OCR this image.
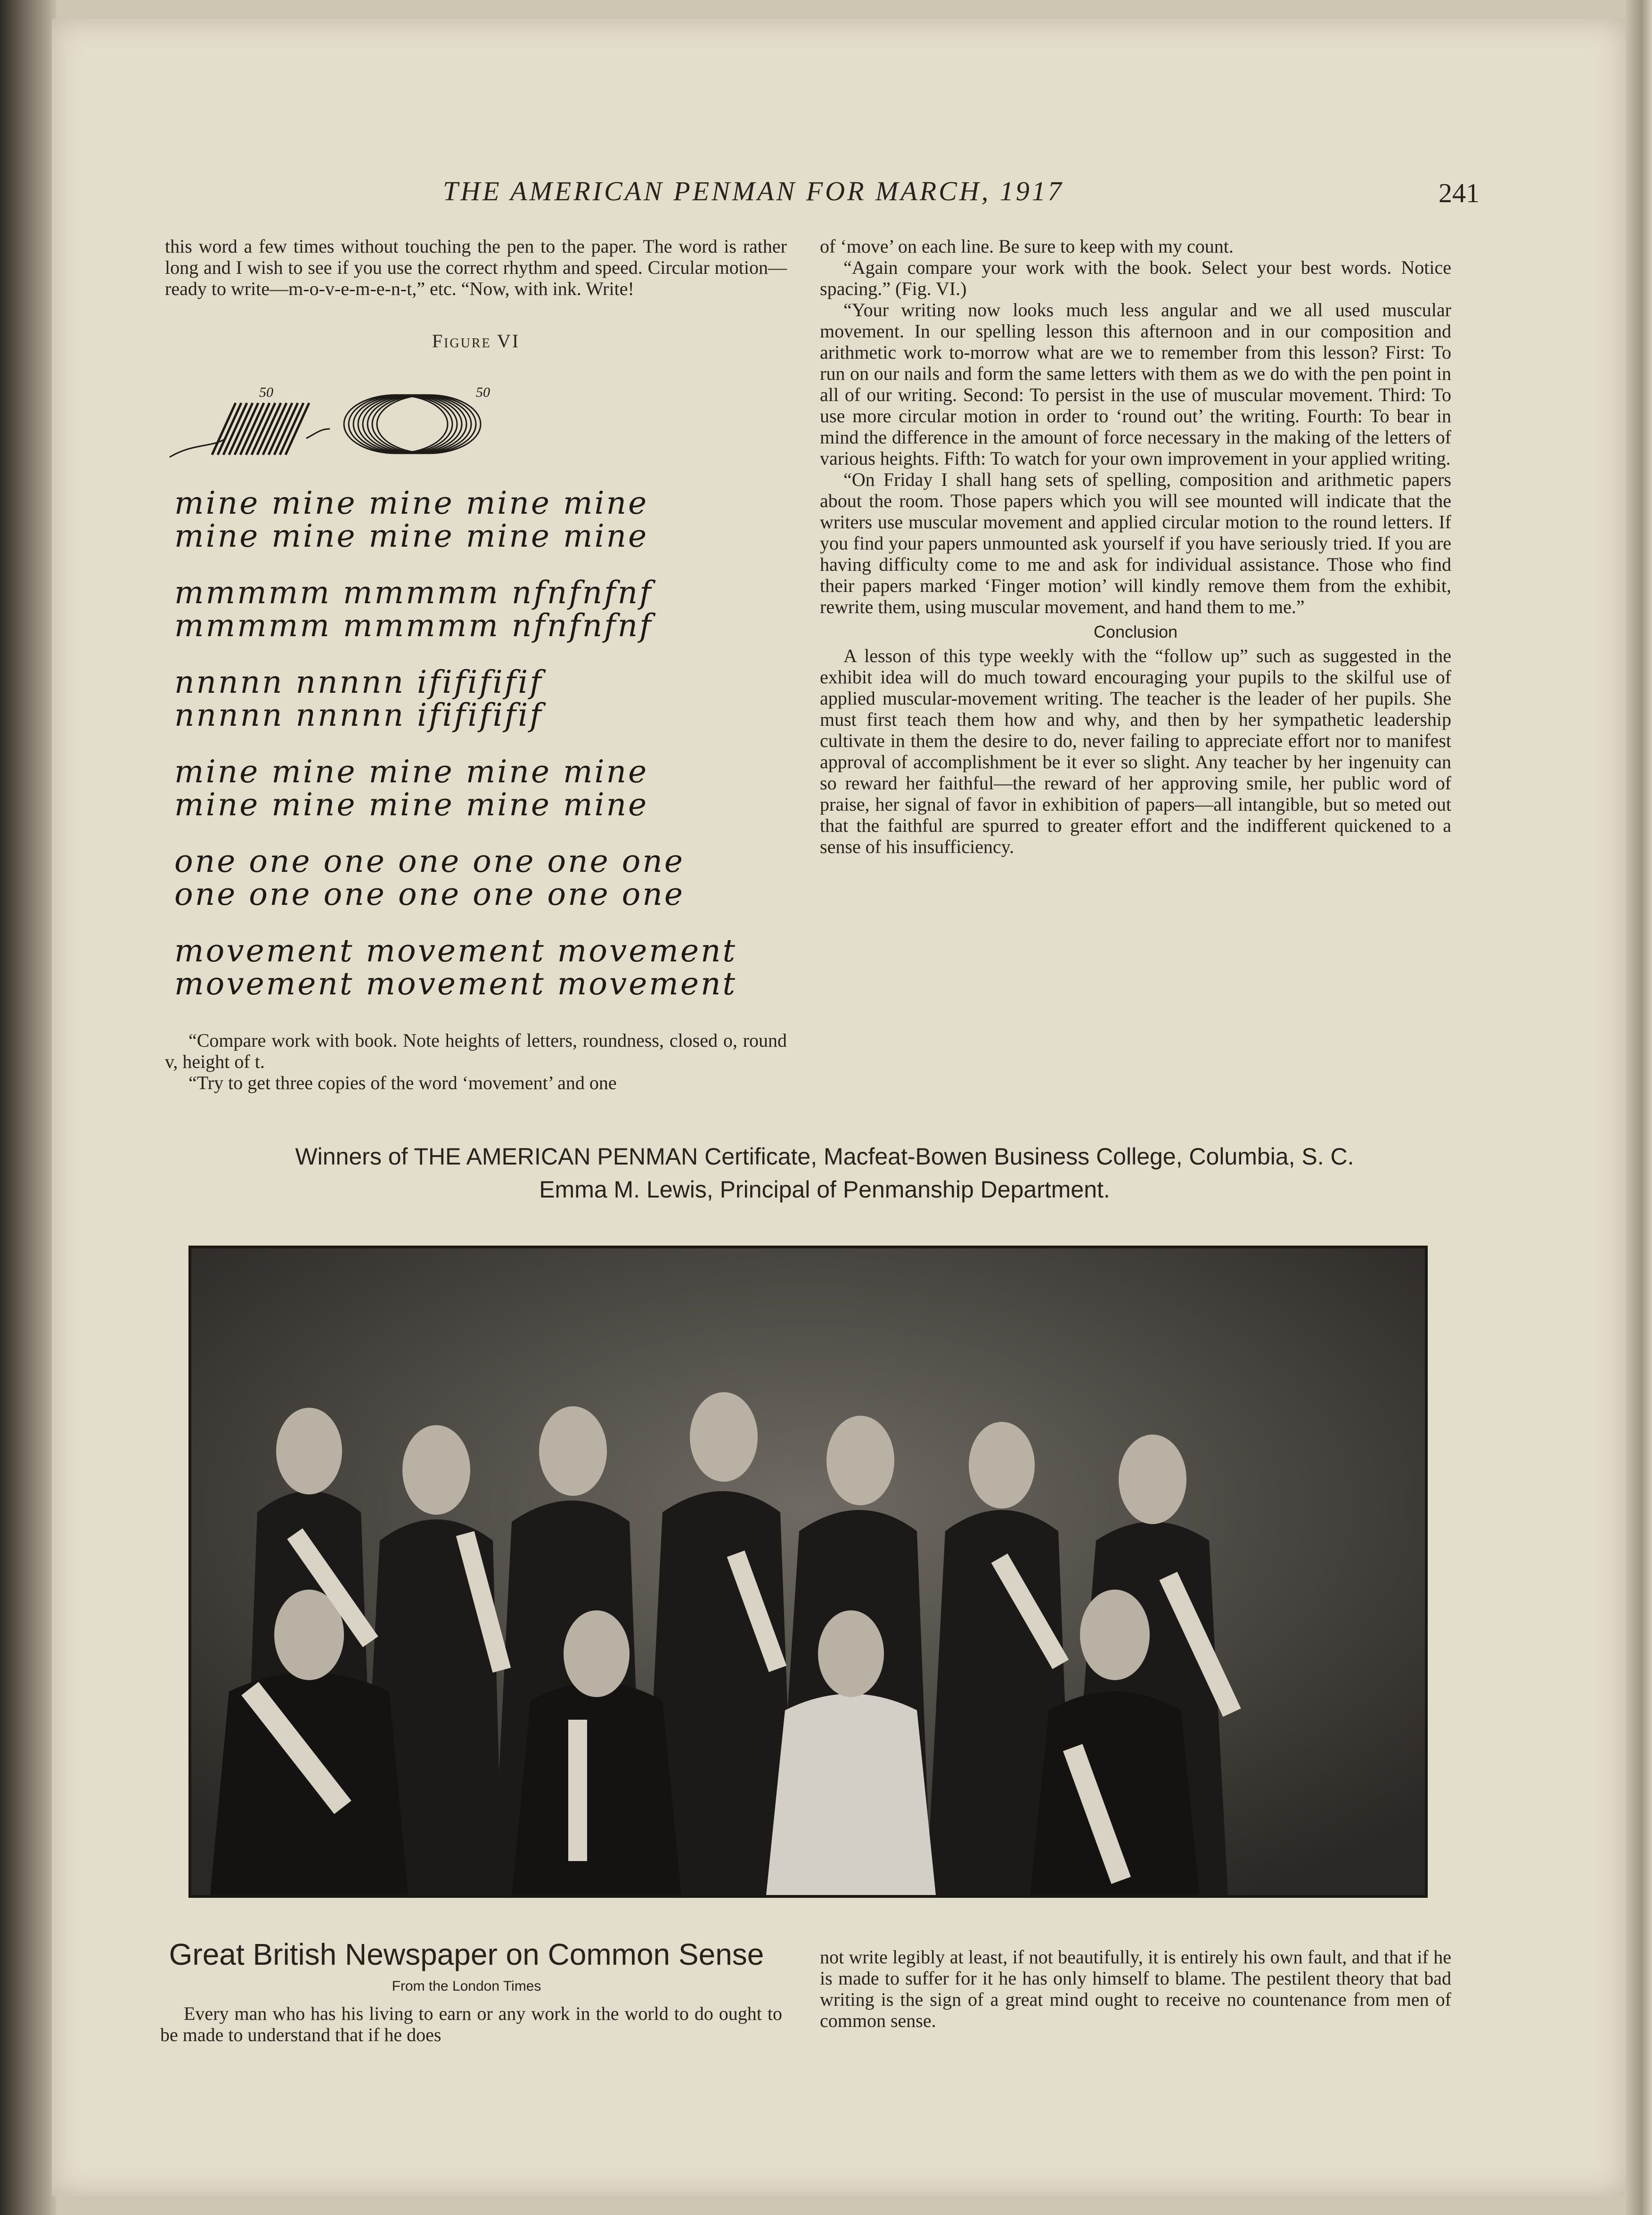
THE AMERICAN PENMAN FOR MARCH, 1917	241

this word a few times without touching the pen to the paper. The word is rather long and I wish to see if you use the correct rhythm and speed. Circular motion—ready to write—m-o-v-e-m-e-n-t,” etc. “Now, with ink. Write!

Figure VI
50	50
mine mine mine mine mine
mine mine mine mine mine
mmmmm mmmmm nfnfnfnf
mmmmm mmmmm nfnfnfnf
nnnnn nnnnn ififififif
nnnnn nnnnn ififififif
mine mine mine mine mine
mine mine mine mine mine
one one one one one one one
one one one one one one one
movement movement movement
movement movement movement

“Compare work with book. Note heights of letters, roundness, closed o, round v, height of t.

“Try to get three copies of the word ‘movement’ and one

of ‘move’ on each line. Be sure to keep with my count.

“Again compare your work with the book. Select your best words. Notice spacing.” (Fig. VI.)

“Your writing now looks much less angular and we all used muscular movement. In our spelling lesson this afternoon and in our composition and arithmetic work to-morrow what are we to remember from this lesson? First: To run on our nails and form the same letters with them as we do with the pen point in all of our writing. Second: To persist in the use of muscular movement. Third: To use more circular motion in order to ‘round out’ the writing. Fourth: To bear in mind the difference in the amount of force necessary in the making of the letters of various heights. Fifth: To watch for your own improvement in your applied writing.

“On Friday I shall hang sets of spelling, composition and arithmetic papers about the room. Those papers which you will see mounted will indicate that the writers use muscular movement and applied circular motion to the round letters. If you find your papers unmounted ask yourself if you have seriously tried. If you are having difficulty come to me and ask for individual assistance. Those who find their papers marked ‘Finger motion’ will kindly remove them from the exhibit, rewrite them, using muscular movement, and hand them to me.”

Conclusion

A lesson of this type weekly with the “follow up” such as suggested in the exhibit idea will do much toward encouraging your pupils to the skilful use of applied muscular-movement writing. The teacher is the leader of her pupils. She must first teach them how and why, and then by her sympathetic leadership cultivate in them the desire to do, never failing to appreciate effort nor to manifest approval of accomplishment be it ever so slight. Any teacher by her ingenuity can so reward her faithful—the reward of her approving smile, her public word of praise, her signal of favor in exhibition of papers—all intangible, but so meted out that the faithful are spurred to greater effort and the indifferent quickened to a sense of his insufficiency.

Winners of THE AMERICAN PENMAN Certificate, Macfeat-Bowen Business College, Columbia, S. C.
Emma M. Lewis, Principal of Penmanship Department.
Great British Newspaper on Common Sense
From the London Times

Every man who has his living to earn or any work in the world to do ought to be made to understand that if he does

not write legibly at least, if not beautifully, it is entirely his own fault, and that if he is made to suffer for it he has only himself to blame. The pestilent theory that bad writing is the sign of a great mind ought to receive no countenance from men of common sense.
